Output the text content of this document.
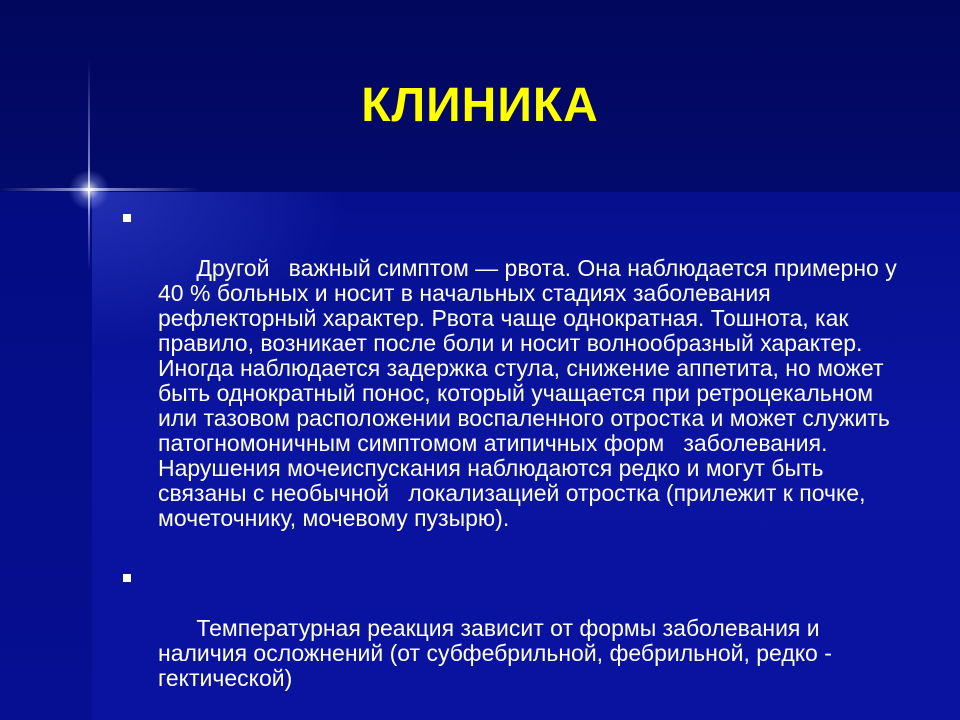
КЛИНИКА

Другой   важный симптом — рвота. Она наблюдается примерно у 40 % больных и носит в начальных стадиях заболевания рефлекторный характер. Рвота чаще однократная. Тошнота, как правило, возникает после боли и носит волнообразный характер. Иногда наблюдается задержка стула, снижение аппетита, но может быть однократный понос, который учащается при ретроцекальном или тазовом расположении воспаленного отростка и может служить патогномоничным симптомом атипичных форм   заболевания. Нарушения мочеиспускания наблюдаются редко и могут быть связаны с необычной   локализацией отростка (прилежит к почке, мочеточнику, мочевому пузырю).

Температурная реакция зависит от формы заболевания и наличия осложнений (от субфебрильной, фебрильной, редко - гектической)
